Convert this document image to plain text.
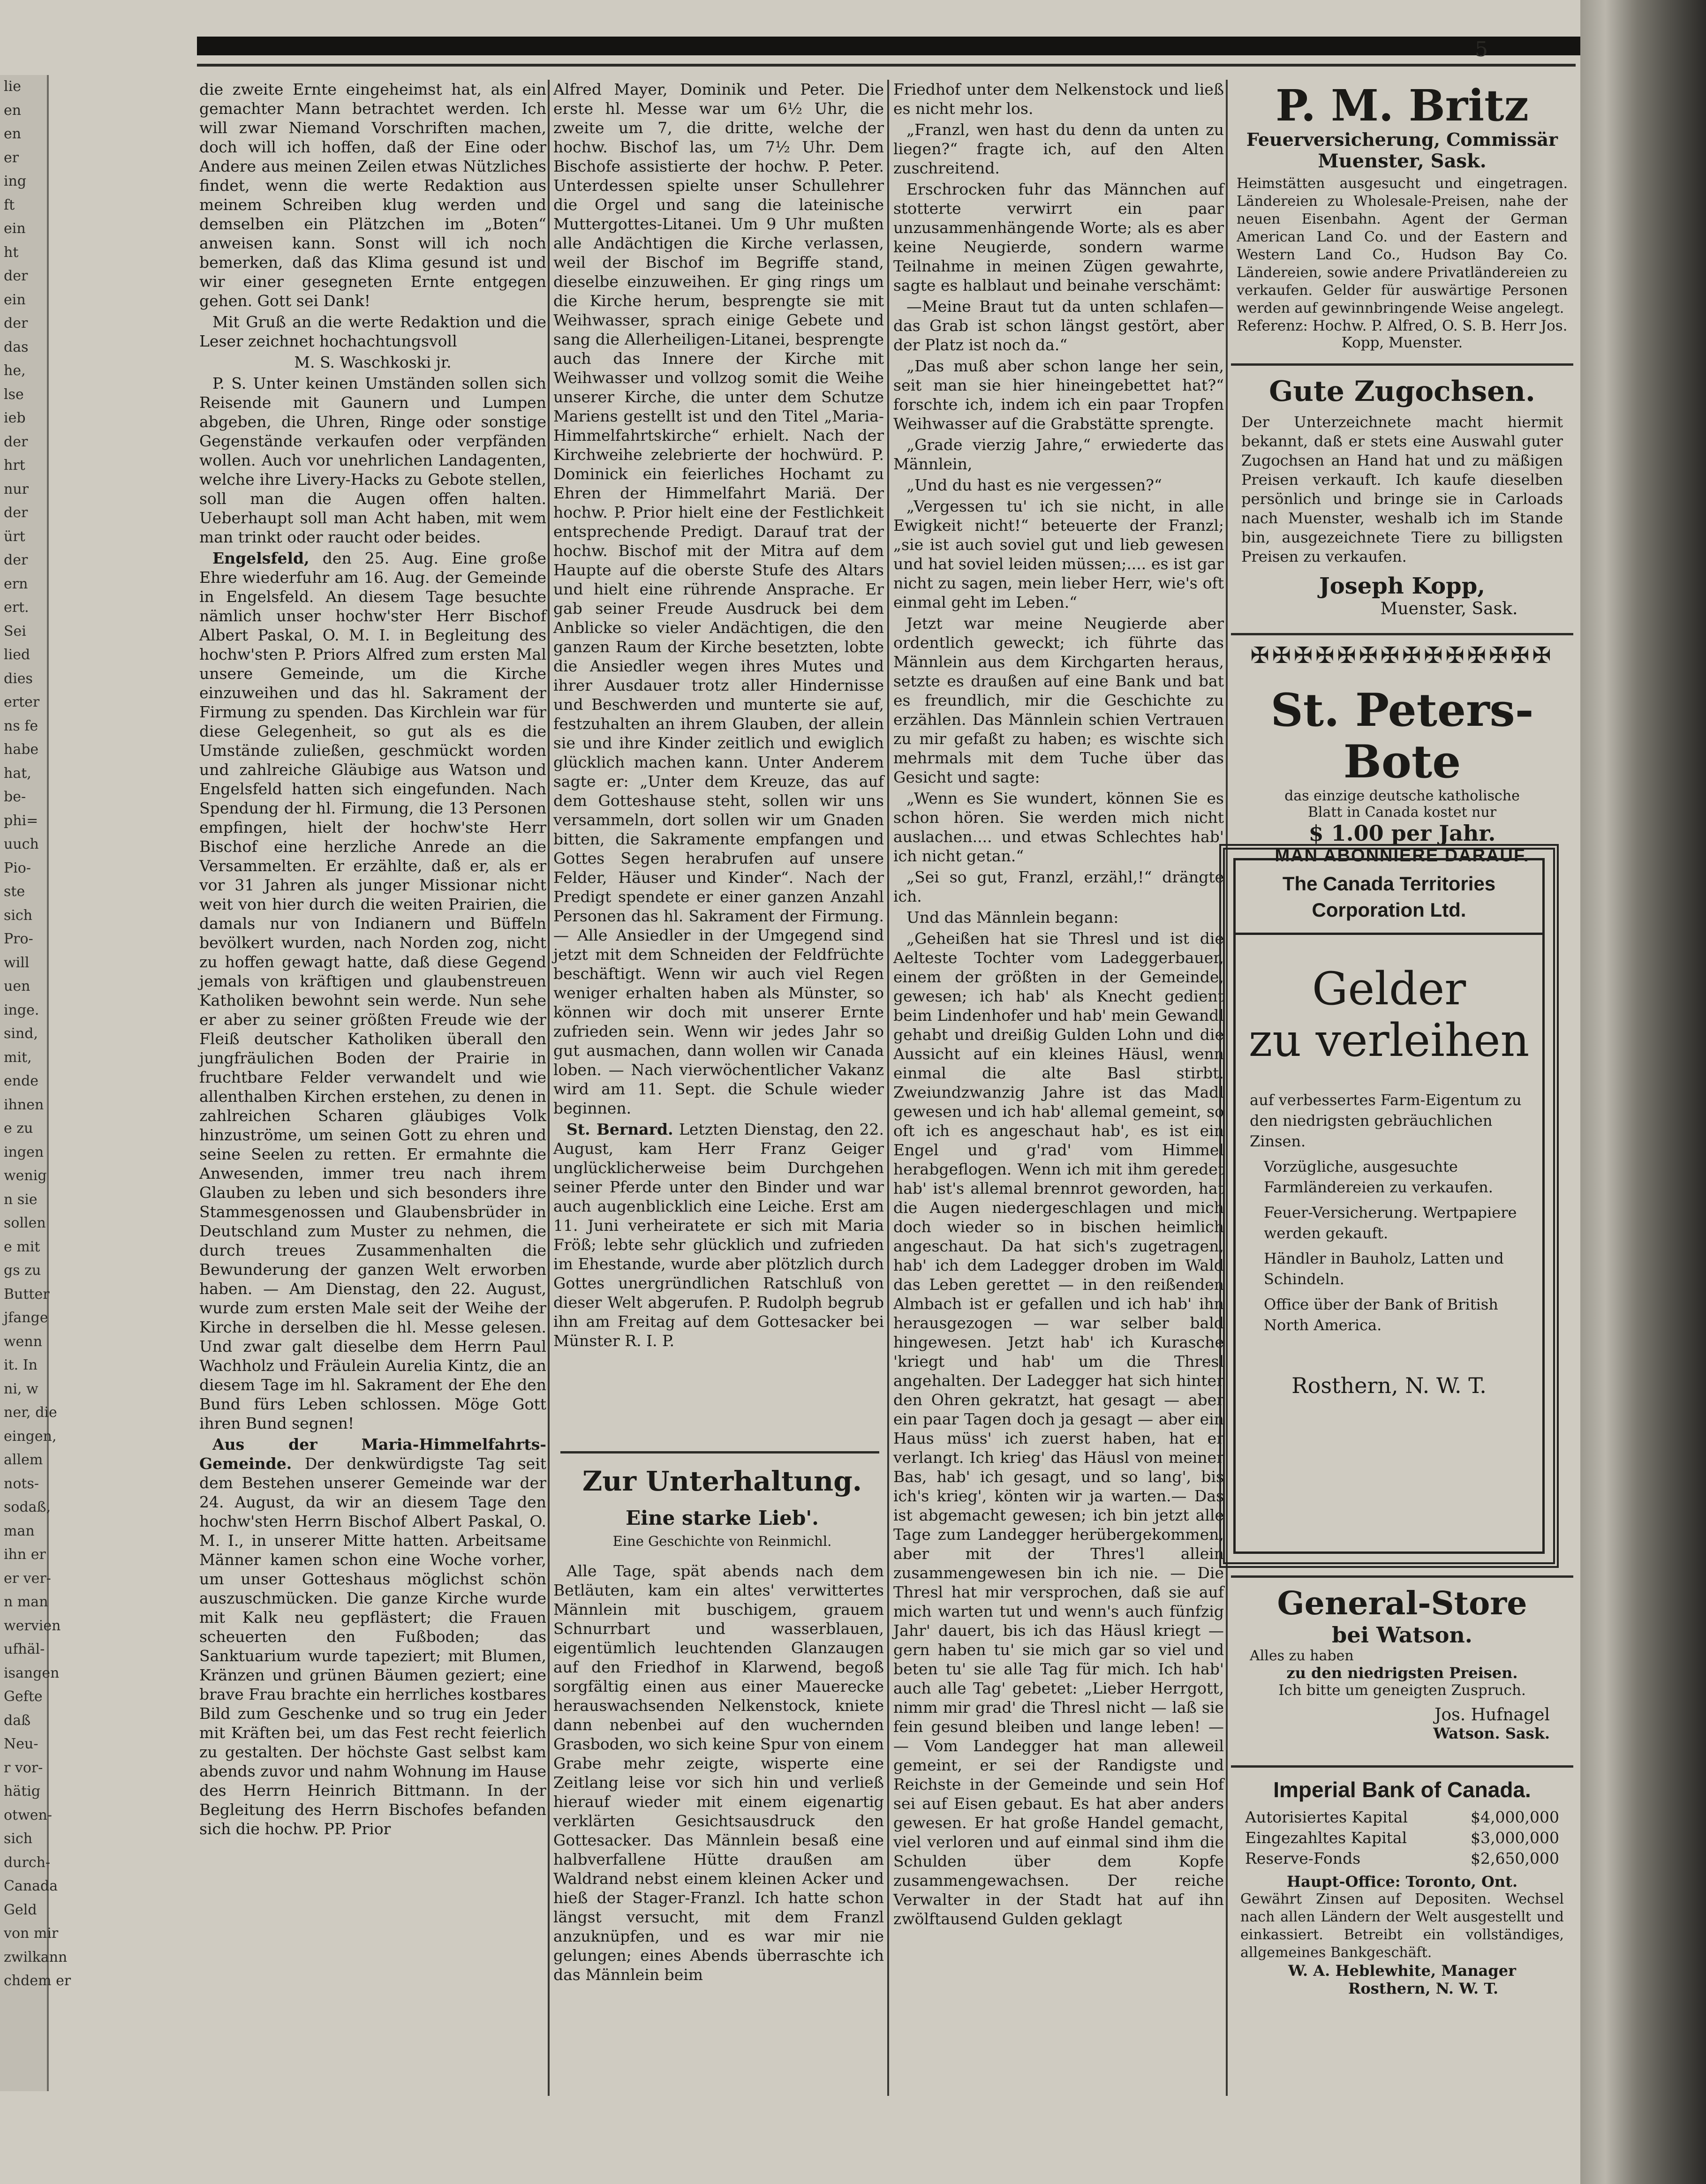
lie
en
en
er
ing
ft
ein
ht
der
ein
der
das
he,
lse
ieb
der
hrt
nur
der
ürt
der
ern
ert.
Sei
lied
dies
erter
ns fe
habe
hat,
be-
phi=
uuch
Pio-
ste
sich
Pro-
will
uen
inge.
sind,
mit,
ende
ihnen
e zu
ingen
wenig
n sie
sollen
e mit
gs zu
Butter
jfange
wenn
it. In
ni, w
ner, die
eingen,
allem
nots-
sodaß,
man
ihn er
er ver-
n man
wervien
ufhäl-
isangen
Gefte
daß
Neu-
r vor-
hätig
otwen-
sich
durch-
Canada
Geld
von mir
zwilkann
chdem er
5

die zweite Ernte eingeheimst hat, als ein gemachter Mann betrachtet werden. Ich will zwar Niemand Vorschriften machen, doch will ich hoffen, daß der Eine oder Andere aus meinen Zeilen etwas Nützliches findet, wenn die werte Redaktion aus meinem Schreiben klug werden und demselben ein Plätzchen im „Boten“ anweisen kann. Sonst will ich noch bemerken, daß das Klima gesund ist und wir einer gesegneten Ernte entgegen gehen. Gott sei Dank!

Mit Gruß an die werte Redaktion und die Leser zeichnet hochachtungsvoll

M. S. Waschkoski jr.

P. S. Unter keinen Umständen sollen sich Reisende mit Gaunern und Lumpen abgeben, die Uhren, Ringe oder sonstige Gegenstände verkaufen oder verpfänden wollen. Auch vor unehrlichen Landagenten, welche ihre Livery-Hacks zu Gebote stellen, soll man die Augen offen halten. Ueberhaupt soll man Acht haben, mit wem man trinkt oder raucht oder beides.

Engelsfeld, den 25. Aug. Eine große Ehre wiederfuhr am 16. Aug. der Gemeinde in Engelsfeld. An diesem Tage besuchte nämlich unser hochw'ster Herr Bischof Albert Paskal, O. M. I. in Begleitung des hochw'sten P. Priors Alfred zum ersten Mal unsere Gemeinde, um die Kirche einzuweihen und das hl. Sakrament der Firmung zu spenden. Das Kirchlein war für diese Gelegenheit, so gut als es die Umstände zuließen, geschmückt worden und zahlreiche Gläubige aus Watson und Engelsfeld hatten sich eingefunden. Nach Spendung der hl. Firmung, die 13 Personen empfingen, hielt der hochw'ste Herr Bischof eine herzliche Anrede an die Versammelten. Er erzählte, daß er, als er vor 31 Jahren als junger Missionar nicht weit von hier durch die weiten Prairien, die damals nur von Indianern und Büffeln bevölkert wurden, nach Norden zog, nicht zu hoffen gewagt hatte, daß diese Gegend jemals von kräftigen und glaubenstreuen Katholiken bewohnt sein werde. Nun sehe er aber zu seiner größten Freude wie der Fleiß deutscher Katholiken überall den jungfräulichen Boden der Prairie in fruchtbare Felder verwandelt und wie allenthalben Kirchen erstehen, zu denen in zahlreichen Scharen gläubiges Volk hinzuströme, um seinen Gott zu ehren und seine Seelen zu retten. Er ermahnte die Anwesenden, immer treu nach ihrem Glauben zu leben und sich besonders ihre Stammesgenossen und Glaubensbrüder in Deutschland zum Muster zu nehmen, die durch treues Zusammenhalten die Bewunderung der ganzen Welt erworben haben. — Am Dienstag, den 22. August, wurde zum ersten Male seit der Weihe der Kirche in derselben die hl. Messe gelesen. Und zwar galt dieselbe dem Herrn Paul Wachholz und Fräulein Aurelia Kintz, die an diesem Tage im hl. Sakrament der Ehe den Bund fürs Leben schlossen. Möge Gott ihren Bund segnen!

Aus der Maria-Himmelfahrts-Gemeinde. Der denkwürdigste Tag seit dem Bestehen unserer Gemeinde war der 24. August, da wir an diesem Tage den hochw'sten Herrn Bischof Albert Paskal, O. M. I., in unserer Mitte hatten. Arbeitsame Männer kamen schon eine Woche vorher, um unser Gotteshaus möglichst schön auszuschmücken. Die ganze Kirche wurde mit Kalk neu gepflästert; die Frauen scheuerten den Fußboden; das Sanktuarium wurde tapeziert; mit Blumen, Kränzen und grünen Bäumen geziert; eine brave Frau brachte ein herrliches kostbares Bild zum Geschenke und so trug ein Jeder mit Kräften bei, um das Fest recht feierlich zu gestalten. Der höchste Gast selbst kam abends zuvor und nahm Wohnung im Hause des Herrn Heinrich Bittmann. In der Begleitung des Herrn Bischofes befanden sich die hochw. PP. Prior

Alfred Mayer, Dominik und Peter. Die erste hl. Messe war um 6½ Uhr, die zweite um 7, die dritte, welche der hochw. Bischof las, um 7½ Uhr. Dem Bischofe assistierte der hochw. P. Peter. Unterdessen spielte unser Schullehrer die Orgel und sang die lateinische Muttergottes-Litanei. Um 9 Uhr mußten alle Andächtigen die Kirche verlassen, weil der Bischof im Begriffe stand, dieselbe einzuweihen. Er ging rings um die Kirche herum, besprengte sie mit Weihwasser, sprach einige Gebete und sang die Allerheiligen-Litanei, besprengte auch das Innere der Kirche mit Weihwasser und vollzog somit die Weihe unserer Kirche, die unter dem Schutze Mariens gestellt ist und den Titel „Maria-Himmelfahrtskirche“ erhielt. Nach der Kirchweihe zelebrierte der hochwürd. P. Dominick ein feierliches Hochamt zu Ehren der Himmelfahrt Mariä. Der hochw. P. Prior hielt eine der Festlichkeit entsprechende Predigt. Darauf trat der hochw. Bischof mit der Mitra auf dem Haupte auf die oberste Stufe des Altars und hielt eine rührende Ansprache. Er gab seiner Freude Ausdruck bei dem Anblicke so vieler Andächtigen, die den ganzen Raum der Kirche besetzten, lobte die Ansiedler wegen ihres Mutes und ihrer Ausdauer trotz aller Hindernisse und Beschwerden und munterte sie auf, festzuhalten an ihrem Glauben, der allein sie und ihre Kinder zeitlich und ewiglich glücklich machen kann. Unter Anderem sagte er: „Unter dem Kreuze, das auf dem Gotteshause steht, sollen wir uns versammeln, dort sollen wir um Gnaden bitten, die Sakramente empfangen und Gottes Segen herabrufen auf unsere Felder, Häuser und Kinder“. Nach der Predigt spendete er einer ganzen Anzahl Personen das hl. Sakrament der Firmung. — Alle Ansiedler in der Umgegend sind jetzt mit dem Schneiden der Feldfrüchte beschäftigt. Wenn wir auch viel Regen weniger erhalten haben als Münster, so können wir doch mit unserer Ernte zufrieden sein. Wenn wir jedes Jahr so gut ausmachen, dann wollen wir Canada loben. — Nach vierwöchentlicher Vakanz wird am 11. Sept. die Schule wieder beginnen.

St. Bernard. Letzten Dienstag, den 22. August, kam Herr Franz Geiger unglücklicherweise beim Durchgehen seiner Pferde unter den Binder und war auch augenblicklich eine Leiche. Erst am 11. Juni verheiratete er sich mit Maria Fröß; lebte sehr glücklich und zufrieden im Ehestande, wurde aber plötzlich durch Gottes unergründlichen Ratschluß von dieser Welt abgerufen. P. Rudolph begrub ihn am Freitag auf dem Gottesacker bei Münster R. I. P.

Zur Unterhaltung.
Eine starke Lieb'.
Eine Geschichte von Reinmichl.

Alle Tage, spät abends nach dem Betläuten, kam ein altes' verwittertes Männlein mit buschigem, grauem Schnurrbart und wasserblauen, eigentümlich leuchtenden Glanzaugen auf den Friedhof in Klarwend, begoß sorgfältig einen aus einer Mauerecke herauswachsenden Nelkenstock, kniete dann nebenbei auf den wuchernden Grasboden, wo sich keine Spur von einem Grabe mehr zeigte, wisperte eine Zeitlang leise vor sich hin und verließ hierauf wieder mit einem eigenartig verklärten Gesichtsausdruck den Gottesacker. Das Männlein besaß eine halbverfallene Hütte draußen am Waldrand nebst einem kleinen Acker und hieß der Stager-Franzl. Ich hatte schon längst versucht, mit dem Franzl anzuknüpfen, und es war mir nie gelungen; eines Abends überraschte ich das Männlein beim

Friedhof unter dem Nelkenstock und ließ es nicht mehr los.

„Franzl, wen hast du denn da unten zu liegen?“ fragte ich, auf den Alten zuschreitend.

Erschrocken fuhr das Männchen auf stotterte verwirrt ein paar unzusammenhängende Worte; als es aber keine Neugierde, sondern warme Teilnahme in meinen Zügen gewahrte, sagte es halblaut und beinahe verschämt:

—Meine Braut tut da unten schlafen—das Grab ist schon längst gestört, aber der Platz ist noch da.“

„Das muß aber schon lange her sein, seit man sie hier hineingebettet hat?“ forschte ich, indem ich ein paar Tropfen Weihwasser auf die Grabstätte sprengte.

„Grade vierzig Jahre,“ erwiederte das Männlein,

„Und du hast es nie vergessen?“

„Vergessen tu' ich sie nicht, in alle Ewigkeit nicht!“ beteuerte der Franzl; „sie ist auch soviel gut und lieb gewesen und hat soviel leiden müssen;.... es ist gar nicht zu sagen, mein lieber Herr, wie's oft einmal geht im Leben.“

Jetzt war meine Neugierde aber ordentlich geweckt; ich führte das Männlein aus dem Kirchgarten heraus, setzte es draußen auf eine Bank und bat es freundlich, mir die Geschichte zu erzählen. Das Männlein schien Vertrauen zu mir gefaßt zu haben; es wischte sich mehrmals mit dem Tuche über das Gesicht und sagte:

„Wenn es Sie wundert, können Sie es schon hören. Sie werden mich nicht auslachen.... und etwas Schlechtes hab' ich nicht getan.“

„Sei so gut, Franzl, erzähl,!“ drängte ich.

Und das Männlein begann:

„Geheißen hat sie Thresl und ist die Aelteste Tochter vom Ladeggerbauer, einem der größten in der Gemeinde, gewesen; ich hab' als Knecht gedient beim Lindenhofer und hab' mein Gewandl gehabt und dreißig Gulden Lohn und die Aussicht auf ein kleines Häusl, wenn einmal die alte Basl stirbt. Zweiundzwanzig Jahre ist das Madl gewesen und ich hab' allemal gemeint, so oft ich es angeschaut hab', es ist ein Engel und g'rad' vom Himmel herabgeflogen. Wenn ich mit ihm geredet hab' ist's allemal brennrot geworden, hat die Augen niedergeschlagen und mich doch wieder so in bischen heimlich angeschaut. Da hat sich's zugetragen, hab' ich dem Ladegger droben im Wald das Leben gerettet — in den reißenden Almbach ist er gefallen und ich hab' ihn herausgezogen — war selber bald hingewesen. Jetzt hab' ich Kurasche 'kriegt und hab' um die Thresl angehalten. Der Ladegger hat sich hinter den Ohren gekratzt, hat gesagt — aber ein paar Tagen doch ja gesagt — aber ein Haus müss' ich zuerst haben, hat er verlangt. Ich krieg' das Häusl von meiner Bas, hab' ich gesagt, und so lang', bis ich's krieg', könten wir ja warten.— Das ist abgemacht gewesen; ich bin jetzt alle Tage zum Landegger herübergekommen, aber mit der Thres'l allein zusammengewesen bin ich nie. — Die Thresl hat mir versprochen, daß sie auf mich warten tut und wenn's auch fünfzig Jahr' dauert, bis ich das Häusl kriegt — gern haben tu' sie mich gar so viel und beten tu' sie alle Tag für mich. Ich hab' auch alle Tag' gebetet: „Lieber Herrgott, nimm mir grad' die Thresl nicht — laß sie fein gesund bleiben und lange leben! — — Vom Landegger hat man alleweil gemeint, er sei der Randigste und Reichste in der Gemeinde und sein Hof sei auf Eisen gebaut. Es hat aber anders gewesen. Er hat große Handel gemacht, viel verloren und auf einmal sind ihm die Schulden über dem Kopfe zusammengewachsen. Der reiche Verwalter in der Stadt hat auf ihn zwölftausend Gulden geklagt

P. M. Britz
Feuerversicherung, Commissär
Muenster, Sask.
Heimstätten ausgesucht und eingetragen. Ländereien zu Wholesale-Preisen, nahe der neuen Eisenbahn. Agent der German American Land Co. und der Eastern and Western Land Co., Hudson Bay Co. Ländereien, sowie andere Privatländereien zu verkaufen. Gelder für auswärtige Personen werden auf gewinnbringende Weise angelegt.
Referenz: Hochw. P. Alfred, O. S. B. Herr Jos. Kopp, Muenster.
Gute Zugochsen.
Der Unterzeichnete macht hiermit bekannt, daß er stets eine Auswahl guter Zugochsen an Hand hat und zu mäßigen Preisen verkauft. Ich kaufe dieselben persönlich und bringe sie in Carloads nach Muenster, weshalb ich im Stande bin, ausgezeichnete Tiere zu billigsten Preisen zu verkaufen.
Joseph Kopp,
Muenster, Sask.
✠✠✠✠✠✠✠✠✠✠✠✠✠✠
St. Peters-Bote
das einzige deutsche katholische
Blatt in Canada kostet nur
$ 1.00 per Jahr.
MAN ABONNIERE DARAUF.
The Canada Territories Corporation Ltd.
Gelder
zu verleihen
auf verbessertes Farm-Eigentum zu den niedrigsten gebräuchlichen Zinsen.
Vorzügliche, ausgesuchte Farmländereien zu verkaufen.
Feuer-Versicherung. Wertpapiere werden gekauft.
Händler in Bauholz, Latten und Schindeln.
Office über der Bank of British North America.
Rosthern, N. W. T.
General-Store
bei Watson.
Alles zu haben
zu den niedrigsten Preisen.
Ich bitte um geneigten Zuspruch.
Jos. Hufnagel
Watson. Sask.
Imperial Bank of Canada.
Autorisiertes Kapital	$4,000,000
Eingezahltes Kapital	$3,000,000
Reserve-Fonds	$2,650,000
Haupt-Office: Toronto, Ont.
Gewährt Zinsen auf Depositen. Wechsel nach allen Ländern der Welt ausgestellt und einkassiert. Betreibt ein vollständiges, allgemeines Bankgeschäft.
W. A. Heblewhite, Manager
Rosthern, N. W. T.
